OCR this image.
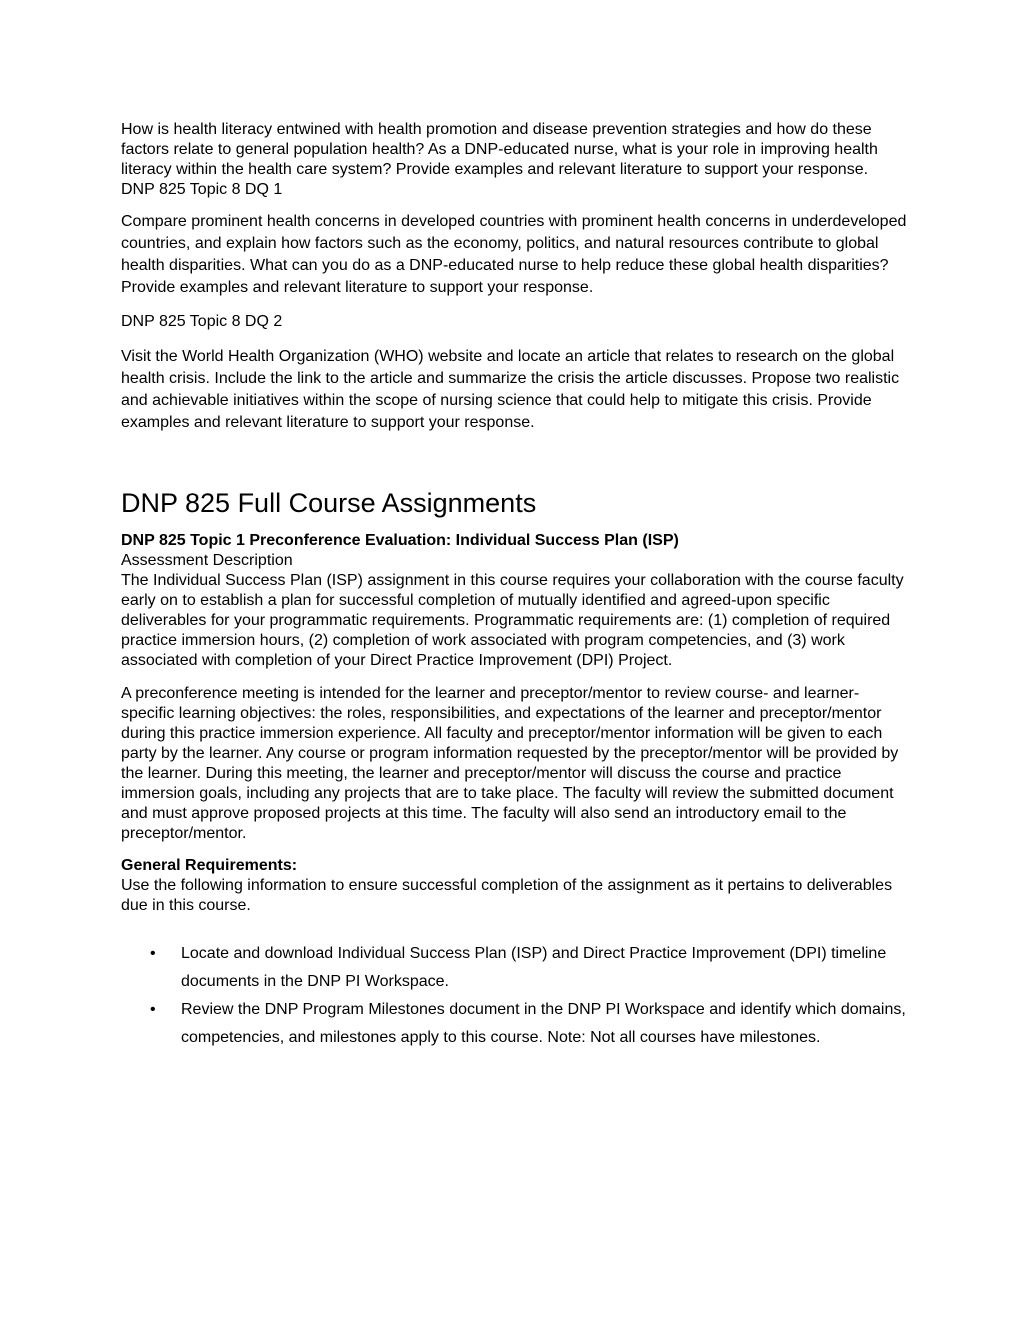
How is health literacy entwined with health promotion and disease prevention strategies and how do these factors relate to general population health? As a DNP-educated nurse, what is your role in improving health literacy within the health care system? Provide examples and relevant literature to support your response.

DNP 825 Topic 8 DQ 1

Compare prominent health concerns in developed countries with prominent health concerns in underdeveloped countries, and explain how factors such as the economy, politics, and natural resources contribute to global health disparities. What can you do as a DNP-educated nurse to help reduce these global health disparities? Provide examples and relevant literature to support your response.

DNP 825 Topic 8 DQ 2

Visit the World Health Organization (WHO) website and locate an article that relates to research on the global health crisis. Include the link to the article and summarize the crisis the article discusses. Propose two realistic and achievable initiatives within the scope of nursing science that could help to mitigate this crisis. Provide examples and relevant literature to support your response.

DNP 825 Full Course Assignments

DNP 825 Topic 1 Preconference Evaluation: Individual Success Plan (ISP)

Assessment Description

The Individual Success Plan (ISP) assignment in this course requires your collaboration with the course faculty early on to establish a plan for successful completion of mutually identified and agreed-upon specific deliverables for your programmatic requirements. Programmatic requirements are: (1) completion of required practice immersion hours, (2) completion of work associated with program competencies, and (3) work associated with completion of your Direct Practice Improvement (DPI) Project.

A preconference meeting is intended for the learner and preceptor/mentor to review course- and learner-specific learning objectives: the roles, responsibilities, and expectations of the learner and preceptor/mentor during this practice immersion experience. All faculty and preceptor/mentor information will be given to each party by the learner. Any course or program information requested by the preceptor/mentor will be provided by the learner. During this meeting, the learner and preceptor/mentor will discuss the course and practice immersion goals, including any projects that are to take place. The faculty will review the submitted document and must approve proposed projects at this time. The faculty will also send an introductory email to the preceptor/mentor.

General Requirements:

Use the following information to ensure successful completion of the assignment as it pertains to deliverables due in this course.

• Locate and download Individual Success Plan (ISP) and Direct Practice Improvement (DPI) timeline documents in the DNP PI Workspace.
• Review the DNP Program Milestones document in the DNP PI Workspace and identify which domains, competencies, and milestones apply to this course. Note: Not all courses have milestones.
